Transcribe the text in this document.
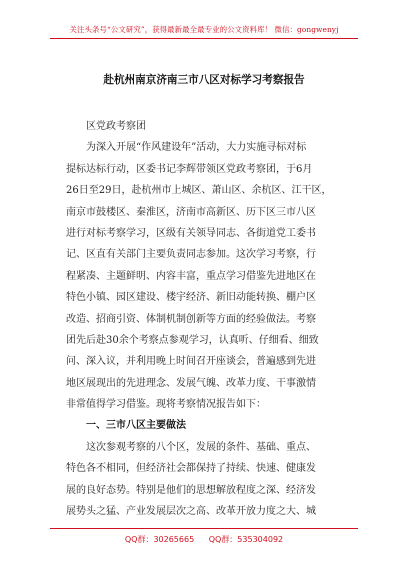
关注头条号“公文研究”，获得最新最全最专业的公文资料库！ 微信：gongwenyj
赴杭州南京济南三市八区对标学习考察报告
区党政考察团
为深入开展“作风建设年”活动，大力实施寻标对标
提标达标行动，区委书记李辉带领区党政考察团，于6月
26日至29日，赴杭州市上城区、萧山区、余杭区、江干区，
南京市鼓楼区、秦淮区，济南市高新区、历下区三市八区
进行对标考察学习，区级有关领导同志、各街道党工委书
记、区直有关部门主要负责同志参加。这次学习考察，行
程紧凑、主题鲜明、内容丰富，重点学习借鉴先进地区在
特色小镇、园区建设、楼宇经济、新旧动能转换、棚户区
改造、招商引资、体制机制创新等方面的经验做法。考察
团先后赴30余个考察点参观学习，认真听、仔细看、细致
问、深入议，并利用晚上时间召开座谈会，普遍感到先进
地区展现出的先进理念、发展气魄、改革力度、干事激情
非常值得学习借鉴。现将考察情况报告如下：
一、三市八区主要做法
这次参观考察的八个区，发展的条件、基础、重点、
特色各不相同，但经济社会都保持了持续、快速、健康发
展的良好态势。特别是他们的思想解放程度之深、经济发
展势头之猛、产业发展层次之高、改革开放力度之大、城
QQ群：30265665 QQ群：535304092
